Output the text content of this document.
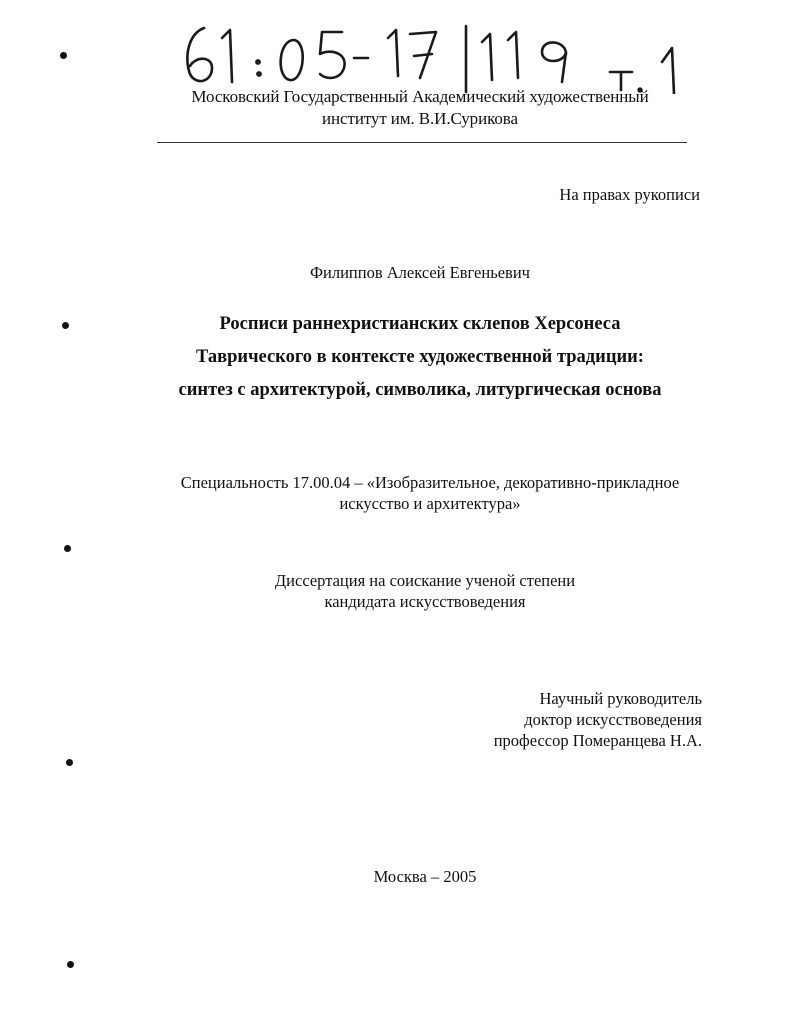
Московский Государственный Академический художественный
институт им. В.И.Сурикова
На правах рукописи
Филиппов Алексей Евгеньевич
Росписи раннехристианских склепов Херсонеса
Таврического в контексте художественной традиции:
синтез с архитектурой, символика, литургическая основа
Специальность 17.00.04 – «Изобразительное, декоративно-прикладное
искусство и архитектура»
Диссертация на соискание ученой степени
кандидата искусствоведения
Научный руководитель
доктор искусствоведения
профессор Померанцева Н.А.
Москва – 2005
